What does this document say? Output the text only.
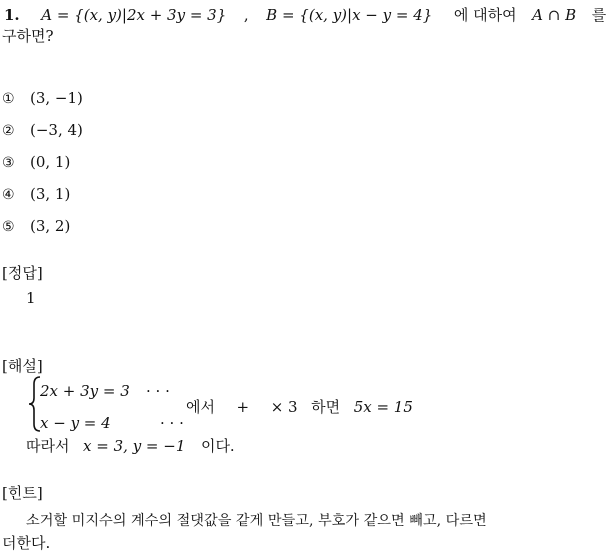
1. A = {(x, y)|2x + 3y = 3} , B = {(x, y)|x − y = 4} 에 대하여 A ∩ B 를
구하면?
① (3, −1)
② (−3, 4)
③ (0, 1)
④ (3, 1)
⑤ (3, 2)
[정답]
1
[해설]
2x + 3y = 3 · · ·
x − y = 4	· · ·
에서 + × 3 하면 5x = 15
따라서 x = 3, y = −1 이다.
[힌트]
소거할 미지수의 계수의 절댓값을 같게 만들고, 부호가 같으면 빼고, 다르면
더한다.
